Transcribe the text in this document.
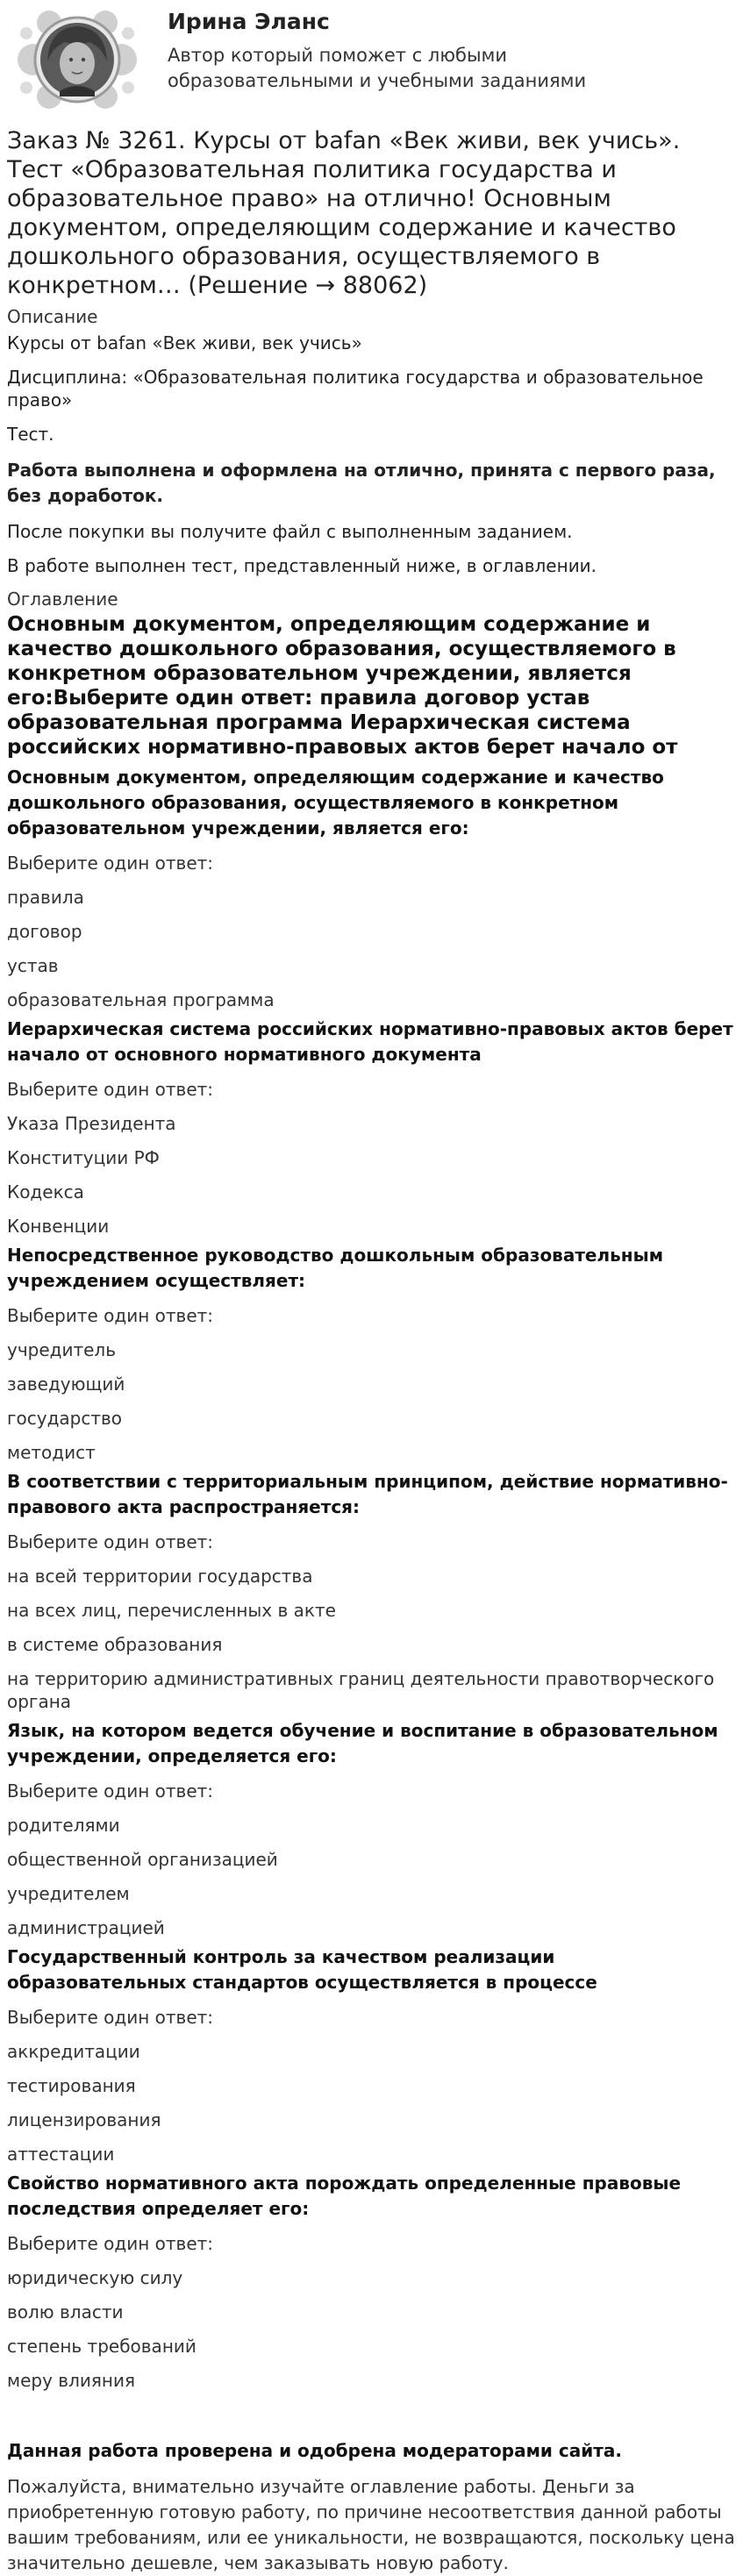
Ирина Эланс
Автор который поможет с любыми образовательными и учебными заданиями
Заказ № 3261. Курсы от bafan «Век живи, век учись». Тест «Образовательная политика государства и образовательное право» на отлично! Основным документом, определяющим содержание и качество дошкольного образования, осуществляемого в конкретном… (Решение → 88062)
Описание

Курсы от bafan «Век живи, век учись»

Дисциплина: «Образовательная политика государства и образовательное право»

Тест.

Работа выполнена и оформлена на отлично, принята с первого раза, без доработок.

После покупки вы получите файл с выполненным заданием.

В работе выполнен тест, представленный ниже, в оглавлении.

Оглавление
Основным документом, определяющим содержание и качество дошкольного образования, осуществляемого в конкретном образовательном учреждении, является его:Выберите один ответ: правила договор устав образовательная программа Иерархическая система российских нормативно-правовых актов берет начало от
Основным документом, определяющим содержание и качество дошкольного образования, осуществляемого в конкретном образовательном учреждении, является его:
Выберите один ответ:
правила
договор
устав
образовательная программа
Иерархическая система российских нормативно-правовых актов берет начало от основного нормативного документа
Выберите один ответ:
Указа Президента
Конституции РФ
Кодекса
Конвенции
Непосредственное руководство дошкольным образовательным учреждением осуществляет:
Выберите один ответ:
учредитель
заведующий
государство
методист
В соответствии с территориальным принципом, действие нормативно-правового акта распространяется:
Выберите один ответ:
на всей территории государства
на всех лиц, перечисленных в акте
в системе образования
на территорию административных границ деятельности правотворческого органа
Язык, на котором ведется обучение и воспитание в образовательном учреждении, определяется его:
Выберите один ответ:
родителями
общественной организацией
учредителем
администрацией
Государственный контроль за качеством реализации образовательных стандартов осуществляется в процессе
Выберите один ответ:
аккредитации
тестирования
лицензирования
аттестации
Свойство нормативного акта порождать определенные правовые последствия определяет его:
Выберите один ответ:
юридическую силу
волю власти
степень требований
меру влияния
Данная работа проверена и одобрена модераторами сайта.
Пожалуйста, внимательно изучайте оглавление работы. Деньги за приобретенную готовую работу, по причине несоответствия данной работы вашим требованиям, или ее уникальности, не возвращаются, поскольку цена значительно дешевле, чем заказывать новую работу.
